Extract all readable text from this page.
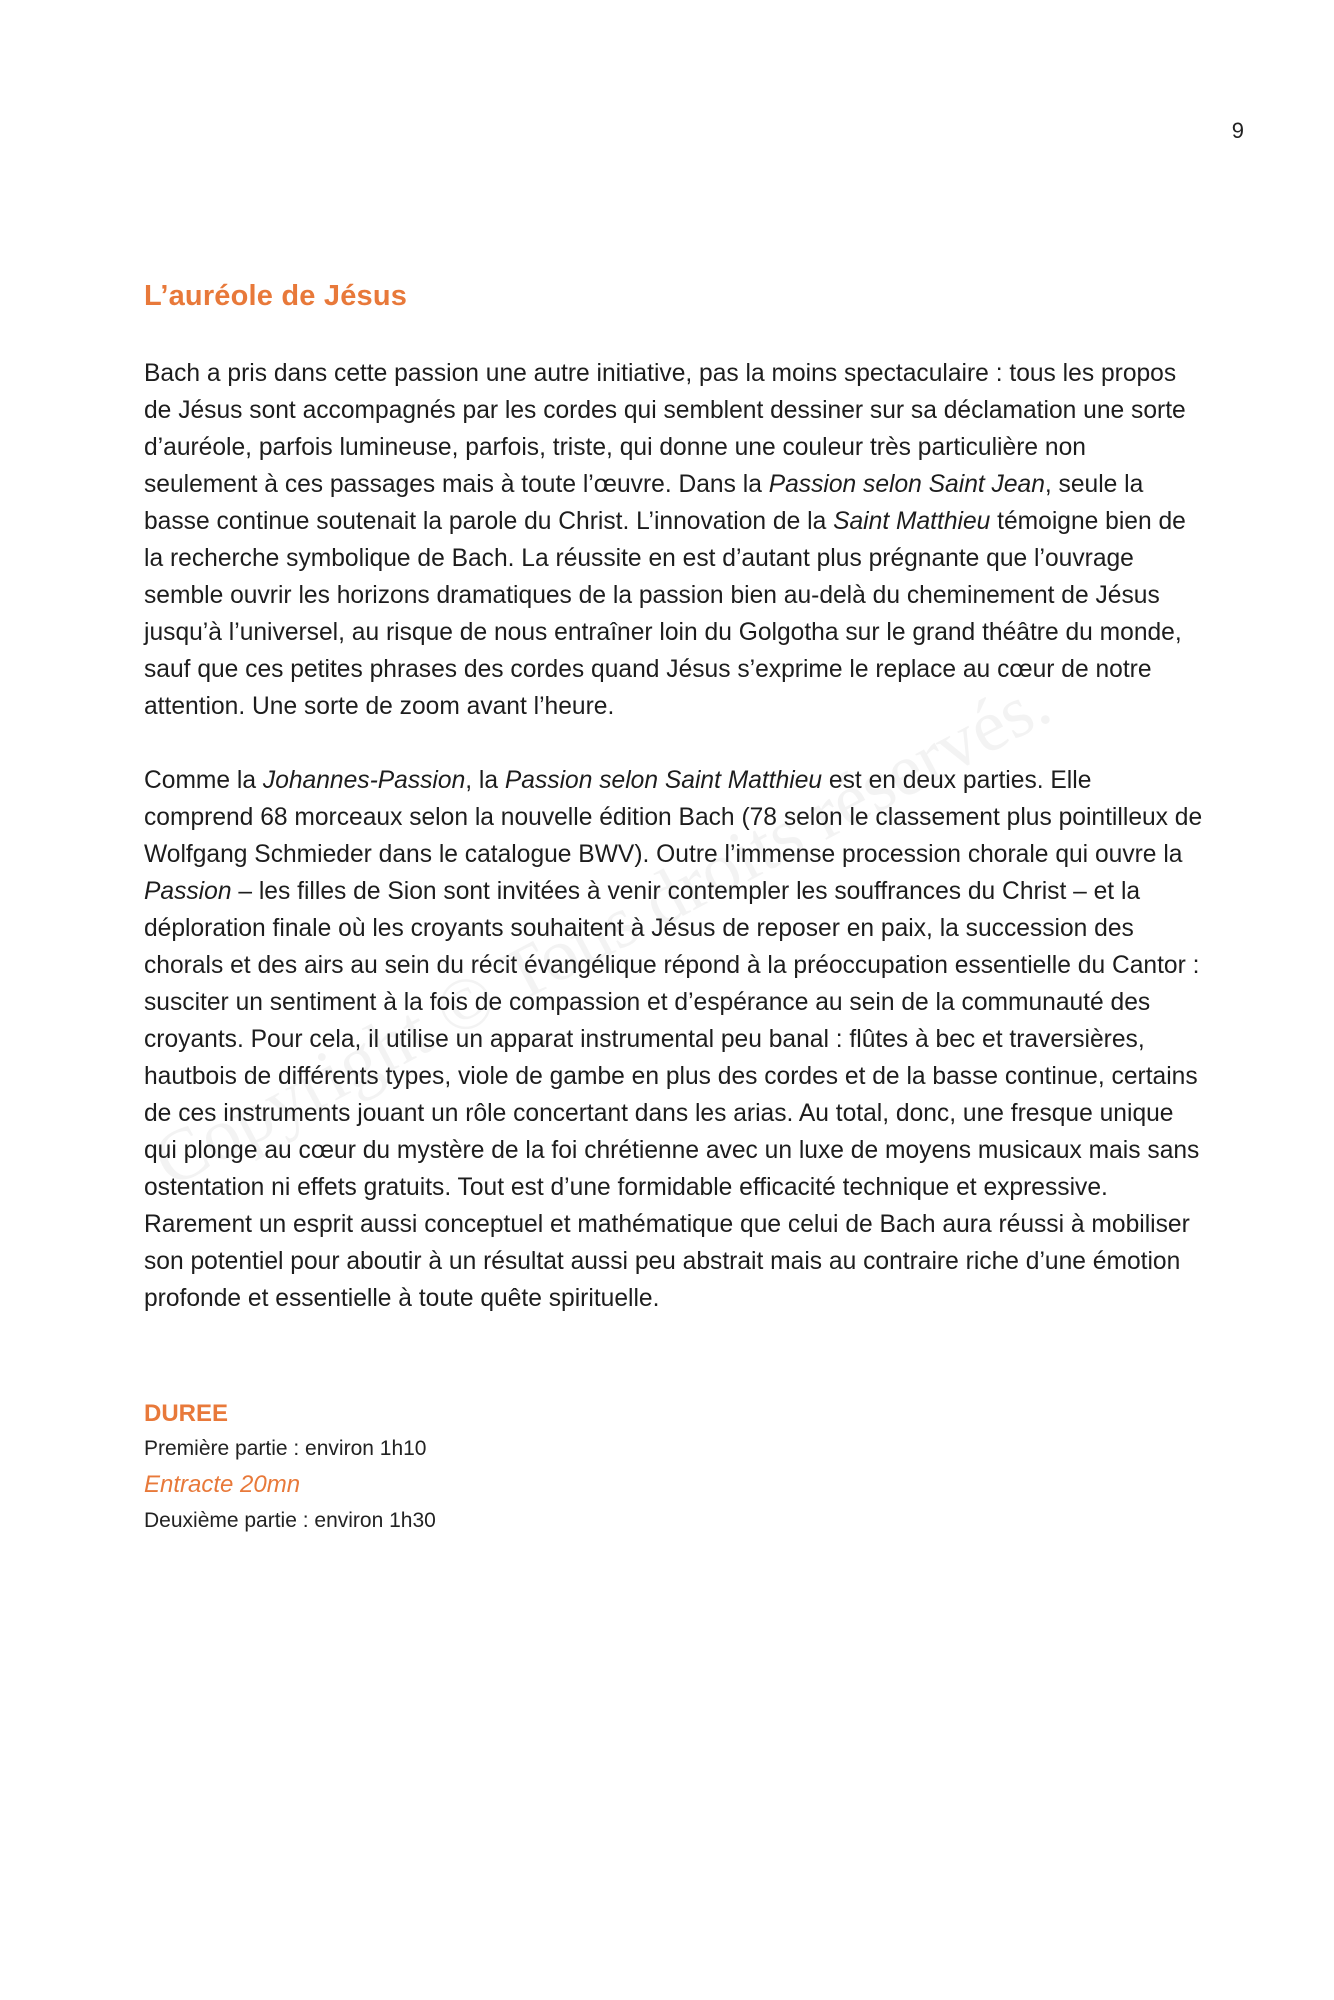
9
L’auréole de Jésus

Bach a pris dans cette passion une autre initiative, pas la moins spectaculaire : tous les propos de Jésus sont accompagnés par les cordes qui semblent dessiner sur sa déclamation une sorte d’auréole, parfois lumineuse, parfois, triste, qui donne une couleur très particulière non seulement à ces passages mais à toute l’œuvre. Dans la Passion selon Saint Jean, seule la basse continue soutenait la parole du Christ. L’innovation de la Saint Matthieu témoigne bien de la recherche symbolique de Bach. La réussite en est d’autant plus prégnante que l’ouvrage semble ouvrir les horizons dramatiques de la passion bien au-delà du cheminement de Jésus jusqu’à l’universel, au risque de nous entraîner loin du Golgotha sur le grand théâtre du monde, sauf que ces petites phrases des cordes quand Jésus s’exprime le replace au cœur de notre attention. Une sorte de zoom avant l’heure.

Comme la Johannes-Passion, la Passion selon Saint Matthieu est en deux parties. Elle comprend 68 morceaux selon la nouvelle édition Bach (78 selon le classement plus pointilleux de Wolfgang Schmieder dans le catalogue BWV). Outre l’immense procession chorale qui ouvre la Passion – les filles de Sion sont invitées à venir contempler les souffrances du Christ – et la déploration finale où les croyants souhaitent à Jésus de reposer en paix, la succession des chorals et des airs au sein du récit évangélique répond à la préoccupation essentielle du Cantor : susciter un sentiment à la fois de compassion et d’espérance au sein de la communauté des croyants. Pour cela, il utilise un apparat instrumental peu banal : flûtes à bec et traversières, hautbois de différents types, viole de gambe en plus des cordes et de la basse continue, certains de ces instruments jouant un rôle concertant dans les arias. Au total, donc, une fresque unique qui plonge au cœur du mystère de la foi chrétienne avec un luxe de moyens musicaux mais sans ostentation ni effets gratuits. Tout est d’une formidable efficacité technique et expressive. Rarement un esprit aussi conceptuel et mathématique que celui de Bach aura réussi à mobiliser son potentiel pour aboutir à un résultat aussi peu abstrait mais au contraire riche d’une émotion profonde et essentielle à toute quête spirituelle.

DUREE
Première partie : environ 1h10
Entracte 20mn
Deuxième partie : environ 1h30
